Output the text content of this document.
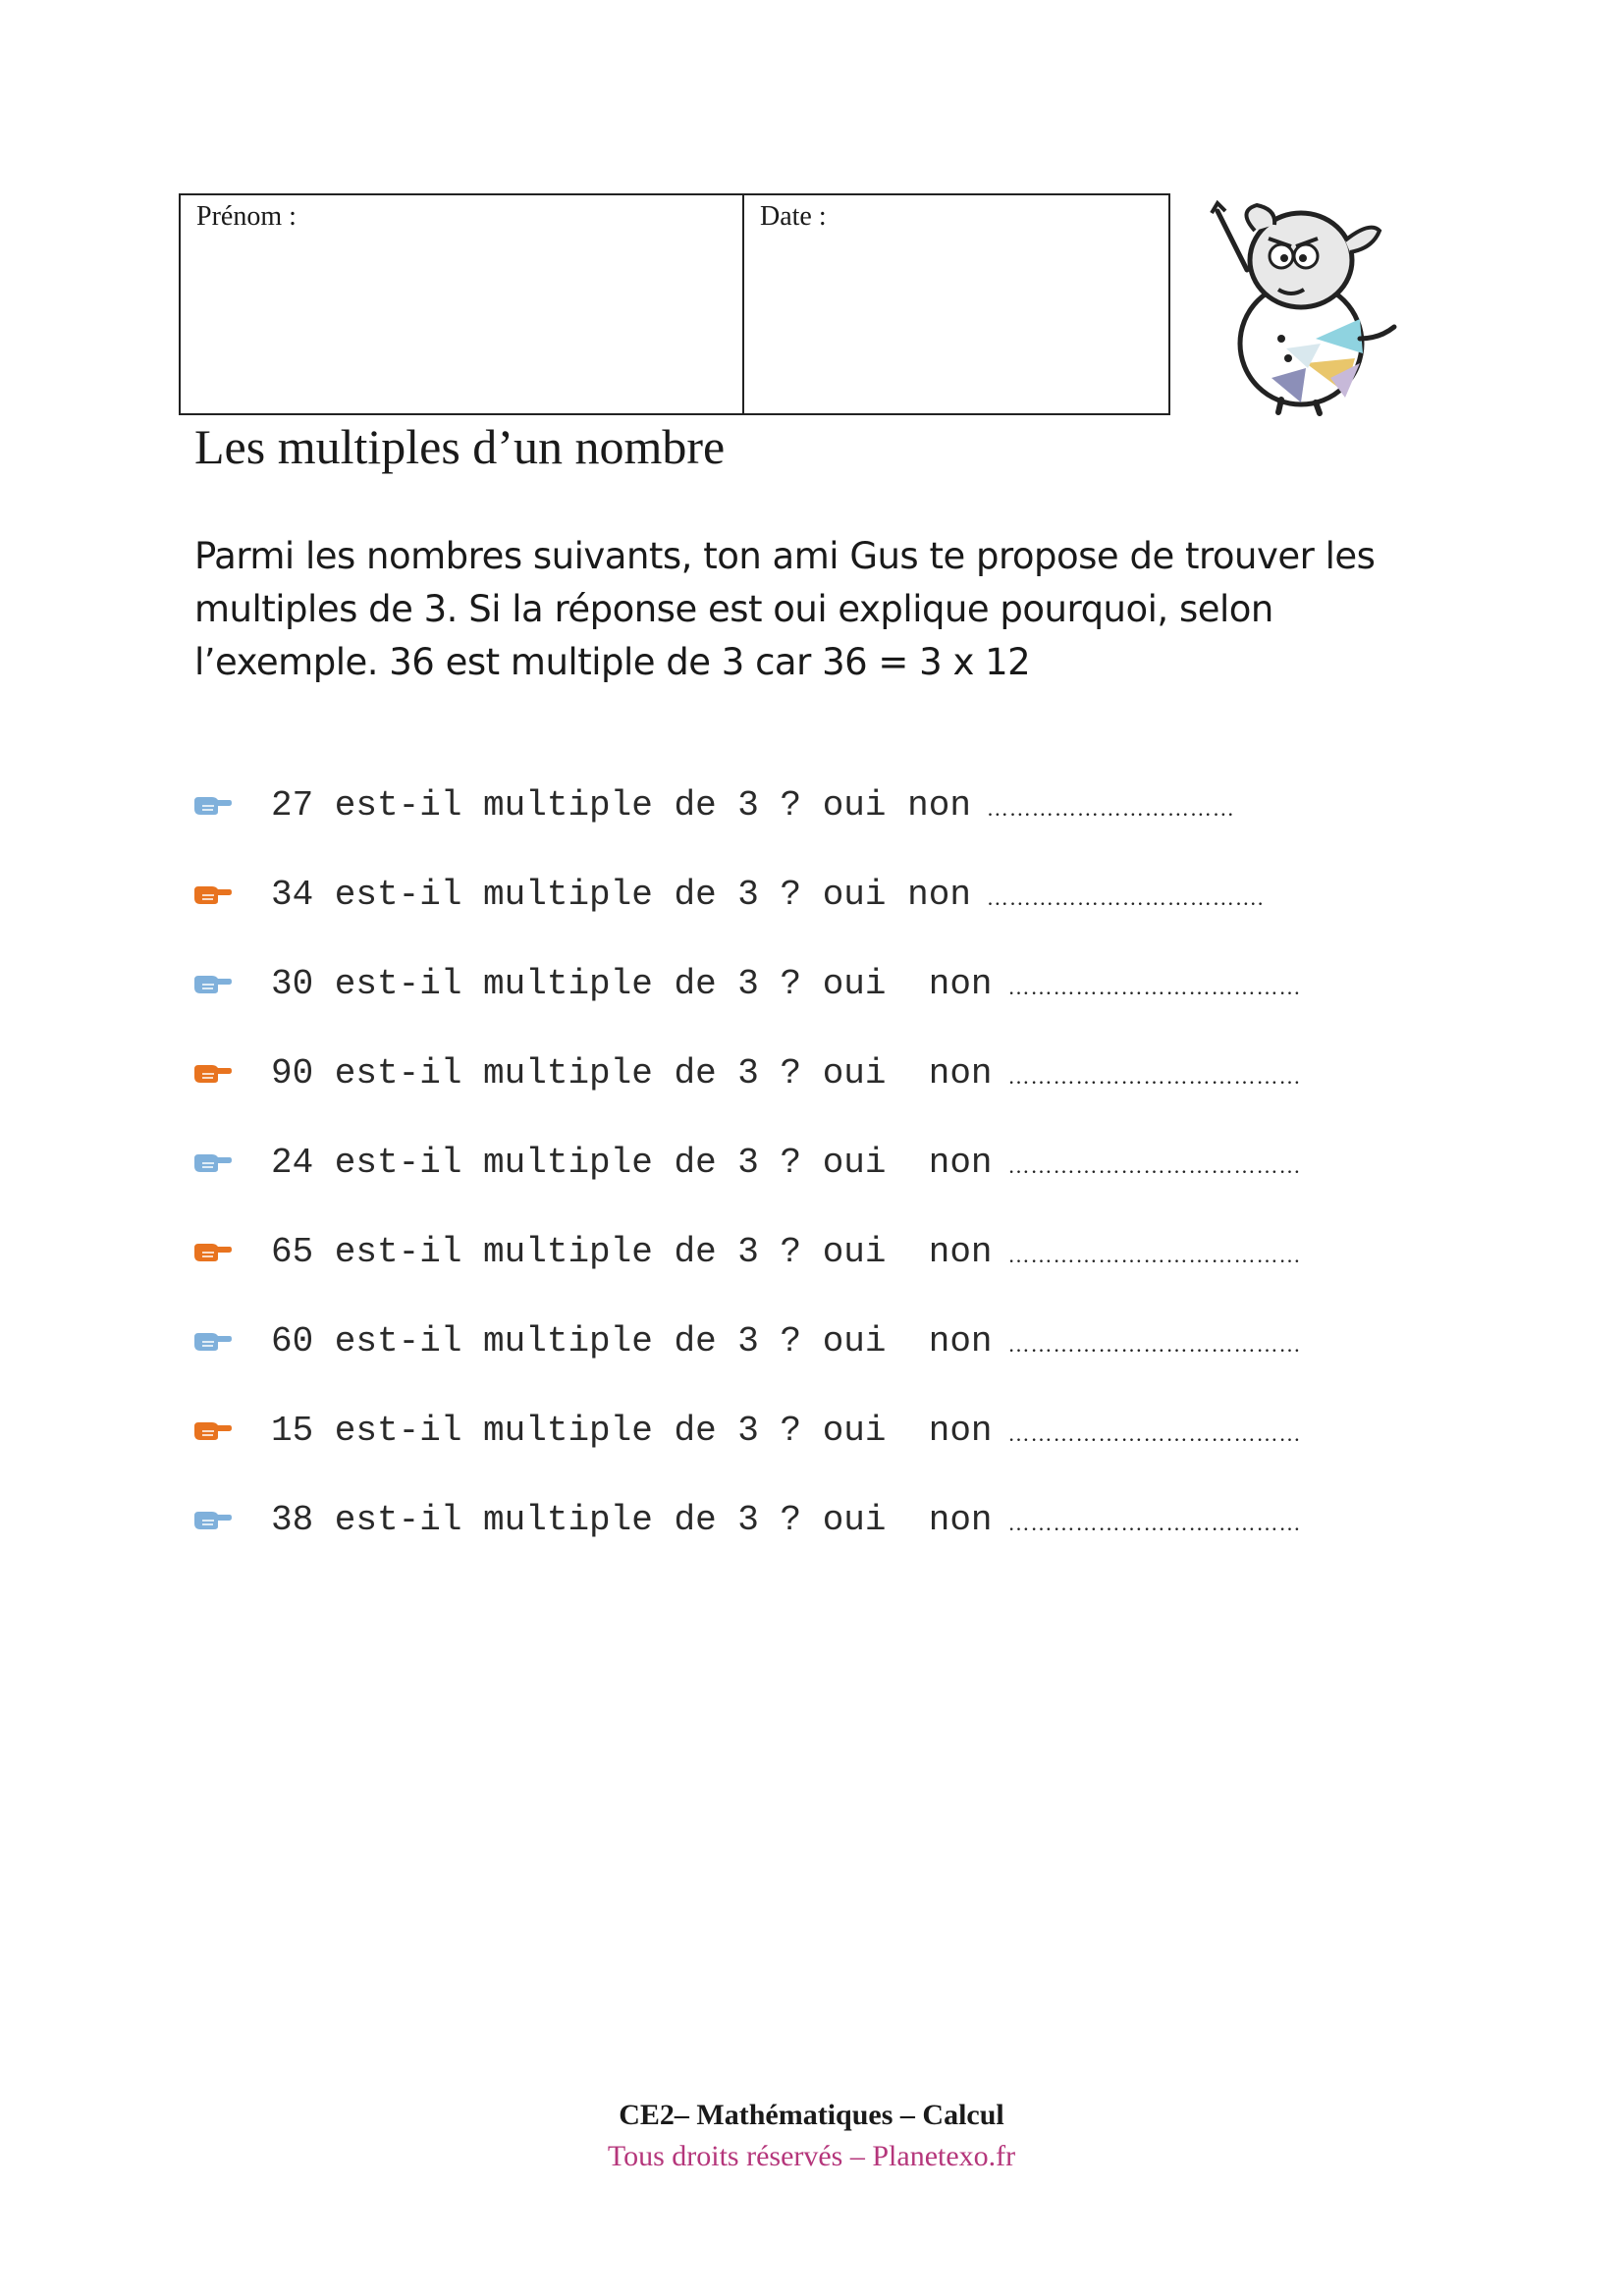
Prénom :	Date :
Les multiples d’un nombre

Parmi les nombres suivants, ton ami Gus te propose de trouver les

multiples de 3. Si la réponse est oui explique pourquoi, selon

l’exemple. 36 est multiple de 3 car 36 = 3 x 12

27 est-il multiple de 3 ? oui non ……………………………
34 est-il multiple de 3 ? oui non ……………………………….
30 est-il multiple de 3 ? oui  non …………………………………
90 est-il multiple de 3 ? oui  non …………………………………
24 est-il multiple de 3 ? oui  non …………………………………
65 est-il multiple de 3 ? oui  non …………………………………
60 est-il multiple de 3 ? oui  non …………………………………
15 est-il multiple de 3 ? oui  non …………………………………
38 est-il multiple de 3 ? oui  non …………………………………
CE2– Mathématiques – Calcul
Tous droits réservés – Planetexo.fr
